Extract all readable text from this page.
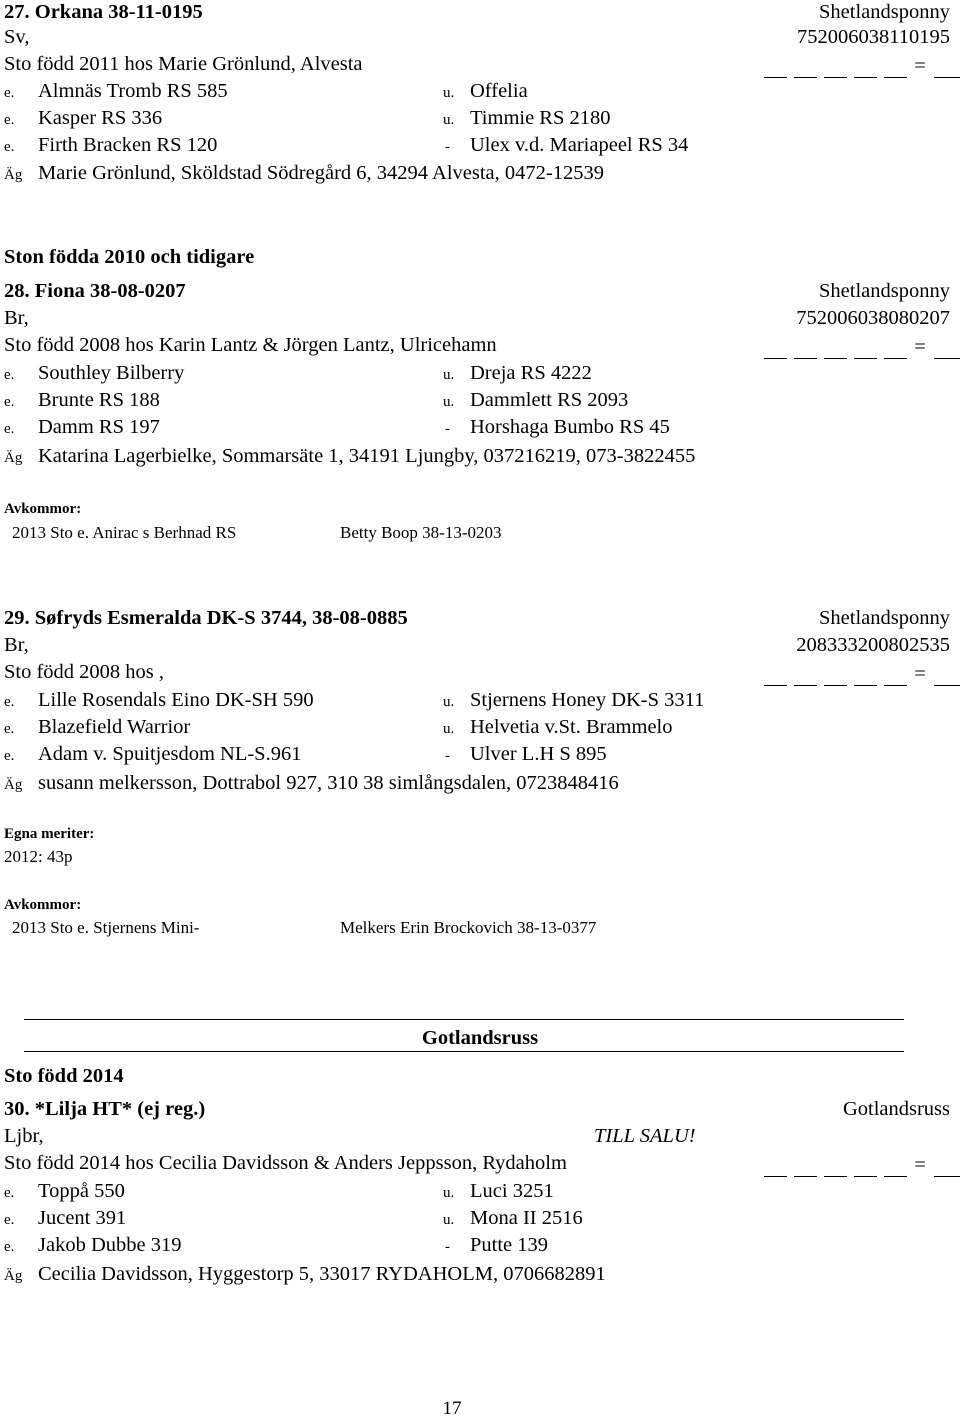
27. Orkana 38-11-0195	Shetlandsponny
Sv,	752006038110195
Sto född 2011 hos Marie Grönlund, Alvesta	=
e. Almnäs Tromb RS 585	u. Offelia
e. Kasper RS 336	u. Timmie RS 2180
e. Firth Bracken RS 120	- Ulex v.d. Mariapeel RS 34
Äg Marie Grönlund, Sköldstad Södregård 6, 34294 Alvesta, 0472-12539
Ston födda 2010 och tidigare
28. Fiona 38-08-0207	Shetlandsponny
Br,	752006038080207
Sto född 2008 hos Karin Lantz & Jörgen Lantz, Ulricehamn	=
e. Southley Bilberry	u. Dreja RS 4222
e. Brunte RS 188	u. Dammlett RS 2093
e. Damm RS 197	- Horshaga Bumbo RS 45
Äg Katarina Lagerbielke, Sommarsäte 1, 34191 Ljungby, 037216219, 073-3822455
Avkommor:
2013 Sto e. Anirac s Berhnad RS	Betty Boop 38-13-0203
29. Søfryds Esmeralda DK-S 3744, 38-08-0885	Shetlandsponny
Br,	208333200802535
Sto född 2008 hos ,	=
e. Lille Rosendals Eino DK-SH 590	u. Stjernens Honey DK-S 3311
e. Blazefield Warrior	u. Helvetia v.St. Brammelo
e. Adam v. Spuitjesdom NL-S.961	- Ulver L.H S 895
Äg susann melkersson, Dottrabol 927, 310 38 simlångsdalen, 0723848416
Egna meriter:
2012: 43p
Avkommor:
2013 Sto e. Stjernens Mini-	Melkers Erin Brockovich 38-13-0377
Gotlandsruss
Sto född 2014
30. *Lilja HT* (ej reg.)	Gotlandsruss
Ljbr,	TILL SALU!
Sto född 2014 hos Cecilia Davidsson & Anders Jeppsson, Rydaholm	=
e. Toppå 550	u. Luci 3251
e. Jucent 391	u. Mona II 2516
e. Jakob Dubbe 319	- Putte 139
Äg Cecilia Davidsson, Hyggestorp 5, 33017 RYDAHOLM, 0706682891
17
